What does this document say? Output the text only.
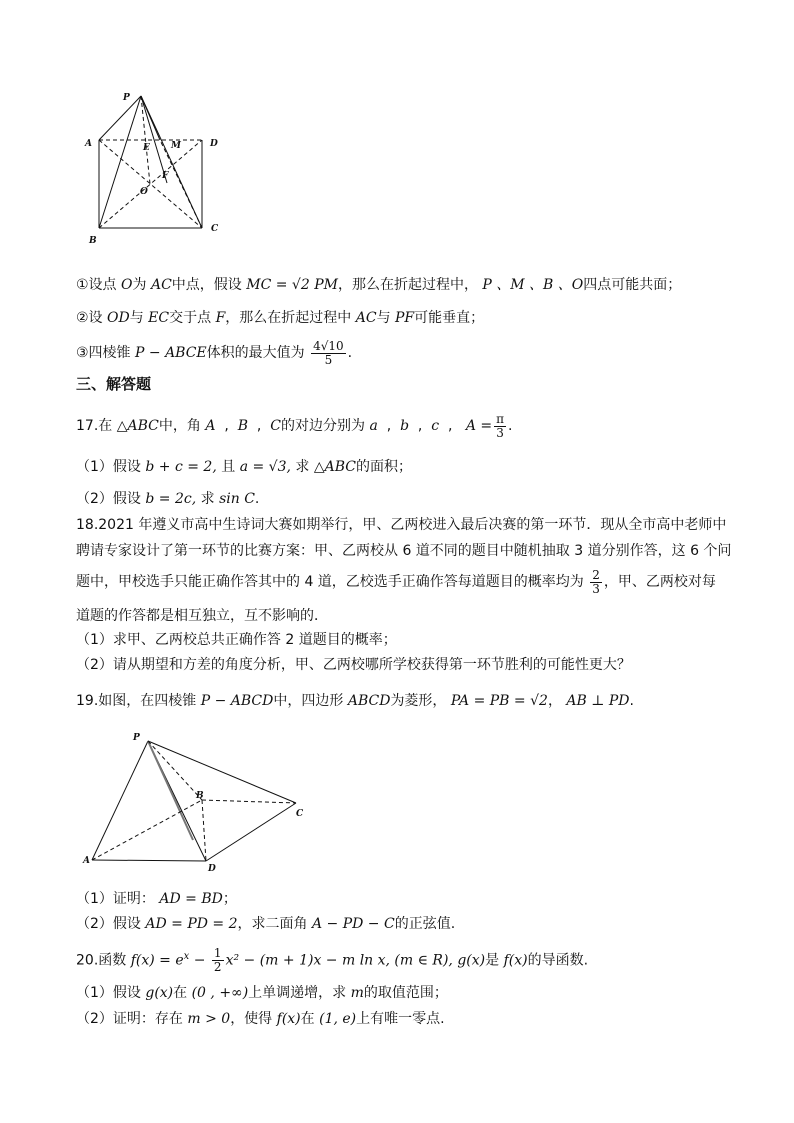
P
A	D
E M
F
O
B
C
①设点 O为 AC中点，假设 MC = √2 PM，那么在折起过程中， P 、M 、B 、O四点可能共面；
②设 OD与 EC交于点 F，那么在折起过程中 AC与 PF可能垂直；
③四棱锥 P − ABCE体积的最大值为 $\frac{4√10}{5}$ .
三、解答题
17.在 △ABC中，角 A  ,  B  ,  C的对边分别为 a  ,  b  ,  c  ,   $A = \frac{\pi}{3}$ .
（1）假设 b + c = 2, 且 a = √3, 求 △ABC的面积；
（2）假设 b = 2c, 求 sin C.
18.2021 年遵义市高中生诗词大赛如期举行，甲、乙两校进入最后决赛的第一环节．现从全市高中老师中
聘请专家设计了第一环节的比赛方案：甲、乙两校从 6 道不同的题目中随机抽取 3 道分别作答，这 6 个问
题中，甲校选手只能正确作答其中的 4 道，乙校选手正确作答每道题目的概率均为 $\frac{2}{3}$ ，甲、乙两校对每
道题的作答都是相互独立，互不影响的．
（1）求甲、乙两校总共正确作答 2 道题目的概率；
（2）请从期望和方差的角度分析，甲、乙两校哪所学校获得第一环节胜利的可能性更大？
19.如图，在四棱锥 P − ABCD中，四边形 ABCD为菱形， PA = PB = √2， AB ⊥ PD.
P
B
C
A
D
（1）证明： AD = BD；
（2）假设 AD = PD = 2，求二面角 A − PD − C的正弦值.
20.函数 $f(x) = e^x - \frac{1}{2} x^2 - (m + 1)x - m$ ln x, (m ∈ R), g(x)是 f(x)的导函数.
（1）假设 g(x)在 (0 , +∞)上单调递增，求 m的取值范围；
（2）证明：存在 m > 0，使得 f(x)在 (1, e)上有唯一零点.
